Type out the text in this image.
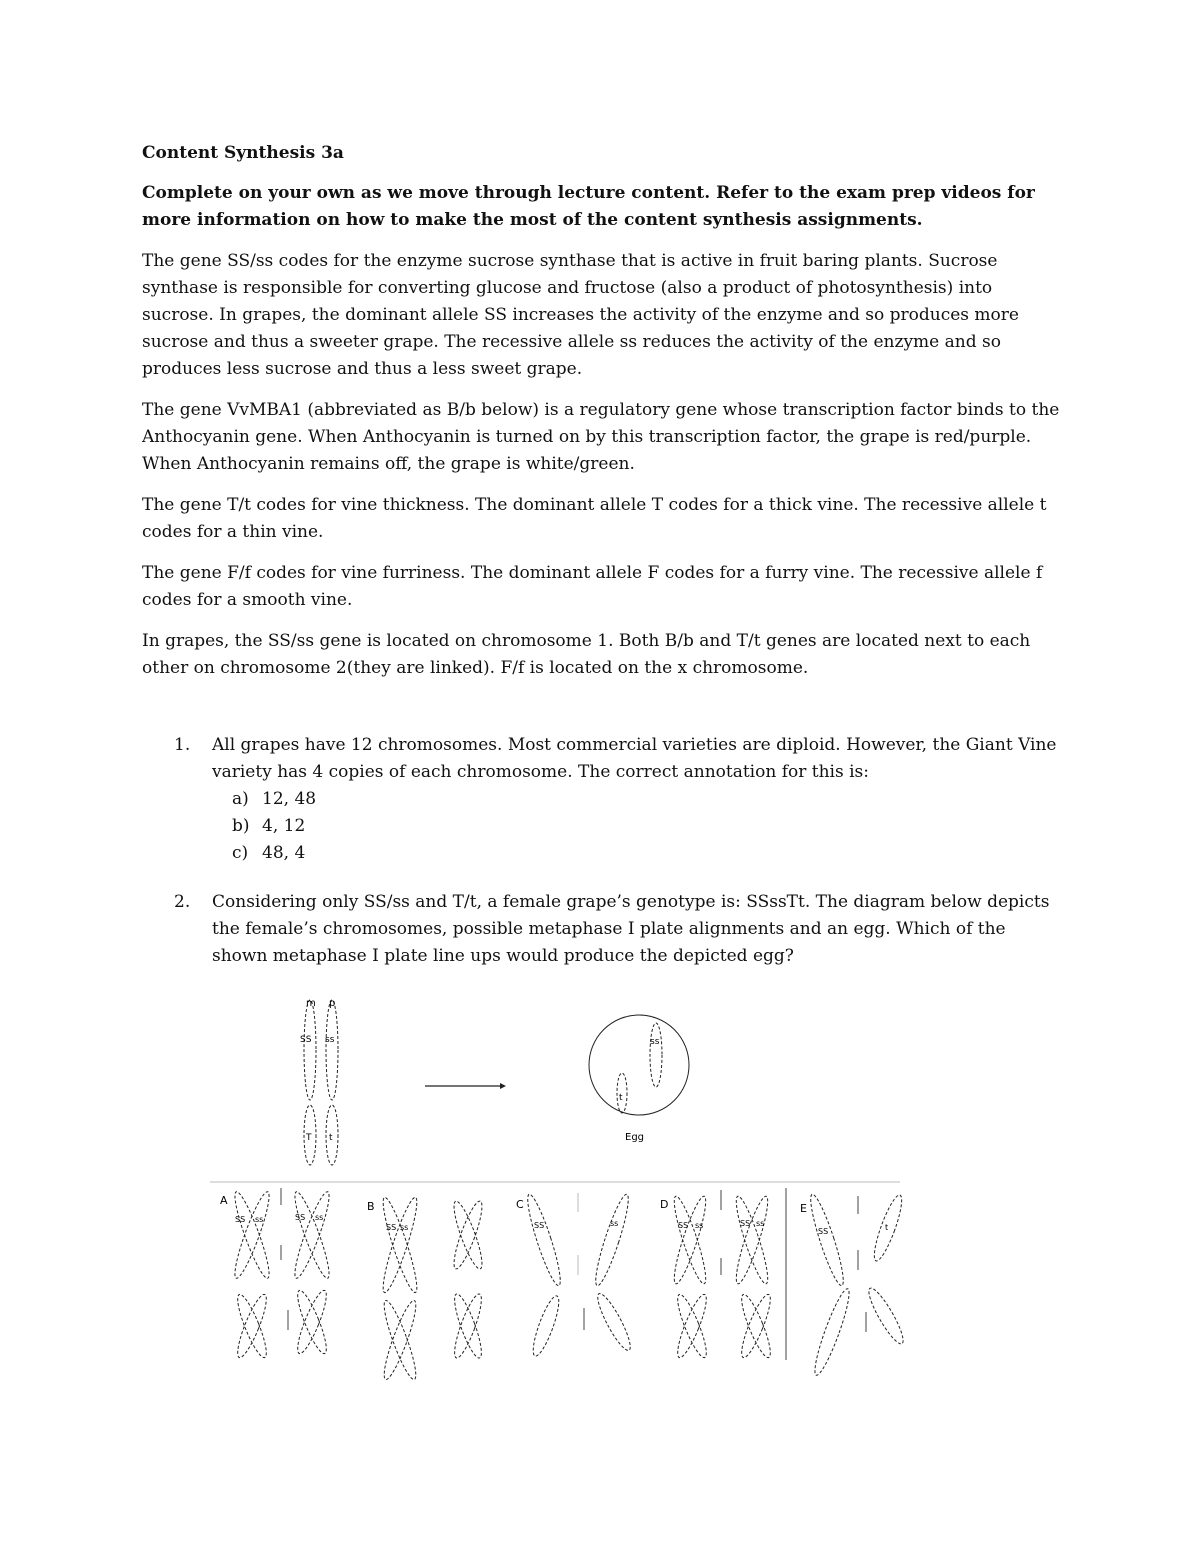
Content Synthesis 3a
Complete on your own as we move through lecture content. Refer to the exam prep videos for more information on how to make the most of the content synthesis assignments.

The gene SS/ss codes for the enzyme sucrose synthase that is active in fruit baring plants. Sucrose synthase is responsible for converting glucose and fructose (also a product of photosynthesis) into sucrose. In grapes, the dominant allele SS increases the activity of the enzyme and so produces more sucrose and thus a sweeter grape. The recessive allele ss reduces the activity of the enzyme and so produces less sucrose and thus a less sweet grape.

The gene VvMBA1 (abbreviated as B/b below) is a regulatory gene whose transcription factor binds to the Anthocyanin gene. When Anthocyanin is turned on by this transcription factor, the grape is red/purple. When Anthocyanin remains off, the grape is white/green.

The gene T/t codes for vine thickness. The dominant allele T codes for a thick vine. The recessive allele t codes for a thin vine.

The gene F/f codes for vine furriness. The dominant allele F codes for a furry vine. The recessive allele f codes for a smooth vine.

In grapes, the SS/ss gene is located on chromosome 1. Both B/b and T/t genes are located next to each other on chromosome 2(they are linked). F/f is located on the x chromosome.

1.	All grapes have 12 chromosomes. Most commercial varieties are diploid. However, the Giant Vine variety has 4 copies of each chromosome. The correct annotation for this is:
a) 12, 48
b) 4, 12
c) 48, 4
2.	Considering only SS/ss and T/t, a female grape’s genotype is: SSssTt. The diagram below depicts the female’s chromosomes, possible metaphase I plate alignments and an egg. Which of the shown metaphase I plate line ups would produce the depicted egg?
m p
SS ss
T t
ss
t
Egg
A	B	C	D	E
SS ss	SS ss
SS ss	SS	ss	SS ss	SS ss
SS	t
